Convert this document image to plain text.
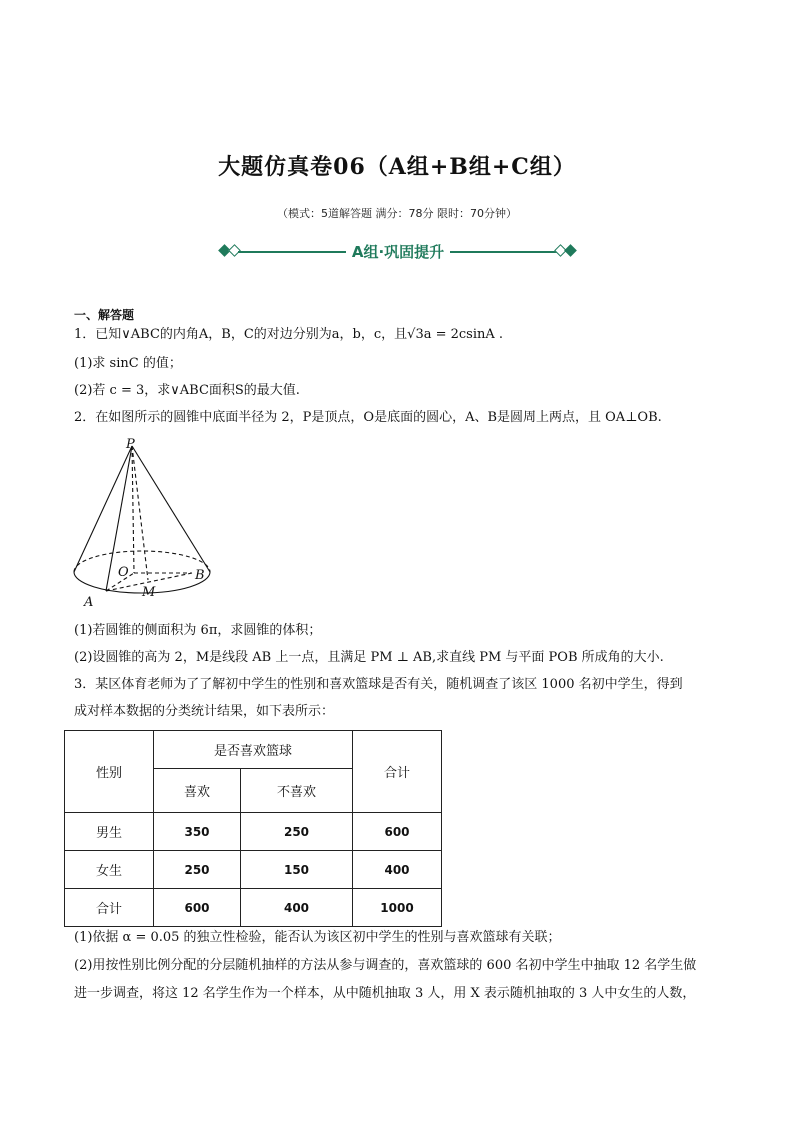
大题仿真卷06（A组+B组+C组）
（模式：5道解答题 满分：78分 限时：70分钟）
A组·巩固提升
一、解答题
1．已知∨ABC的内角A，B，C的对边分别为a，b，c，且√3a = 2csinA .
(1)求 sinC 的值；
(2)若 c = 3，求∨ABC面积S的最大值.
2．在如图所示的圆锥中底面半径为 2，P是顶点，O是底面的圆心，A、B是圆周上两点，且 OA⊥OB.
P
O
M
A
B
(1)若圆锥的侧面积为 6π，求圆锥的体积；
(2)设圆锥的高为 2，M是线段 AB 上一点，且满足 PM ⊥ AB,求直线 PM 与平面 POB 所成角的大小.
3．某区体育老师为了了解初中学生的性别和喜欢篮球是否有关，随机调查了该区 1000 名初中学生，得到
成对样本数据的分类统计结果，如下表所示：
性别	是否喜欢篮球		合计
	喜欢	不喜欢	
男生	350	250	600
女生	250	150	400
合计	600	400	1000
(1)依据 α = 0.05 的独立性检验，能否认为该区初中学生的性别与喜欢篮球有关联；
(2)用按性别比例分配的分层随机抽样的方法从参与调查的，喜欢篮球的 600 名初中学生中抽取 12 名学生做
进一步调查，将这 12 名学生作为一个样本，从中随机抽取 3 人，用 X 表示随机抽取的 3 人中女生的人数，
